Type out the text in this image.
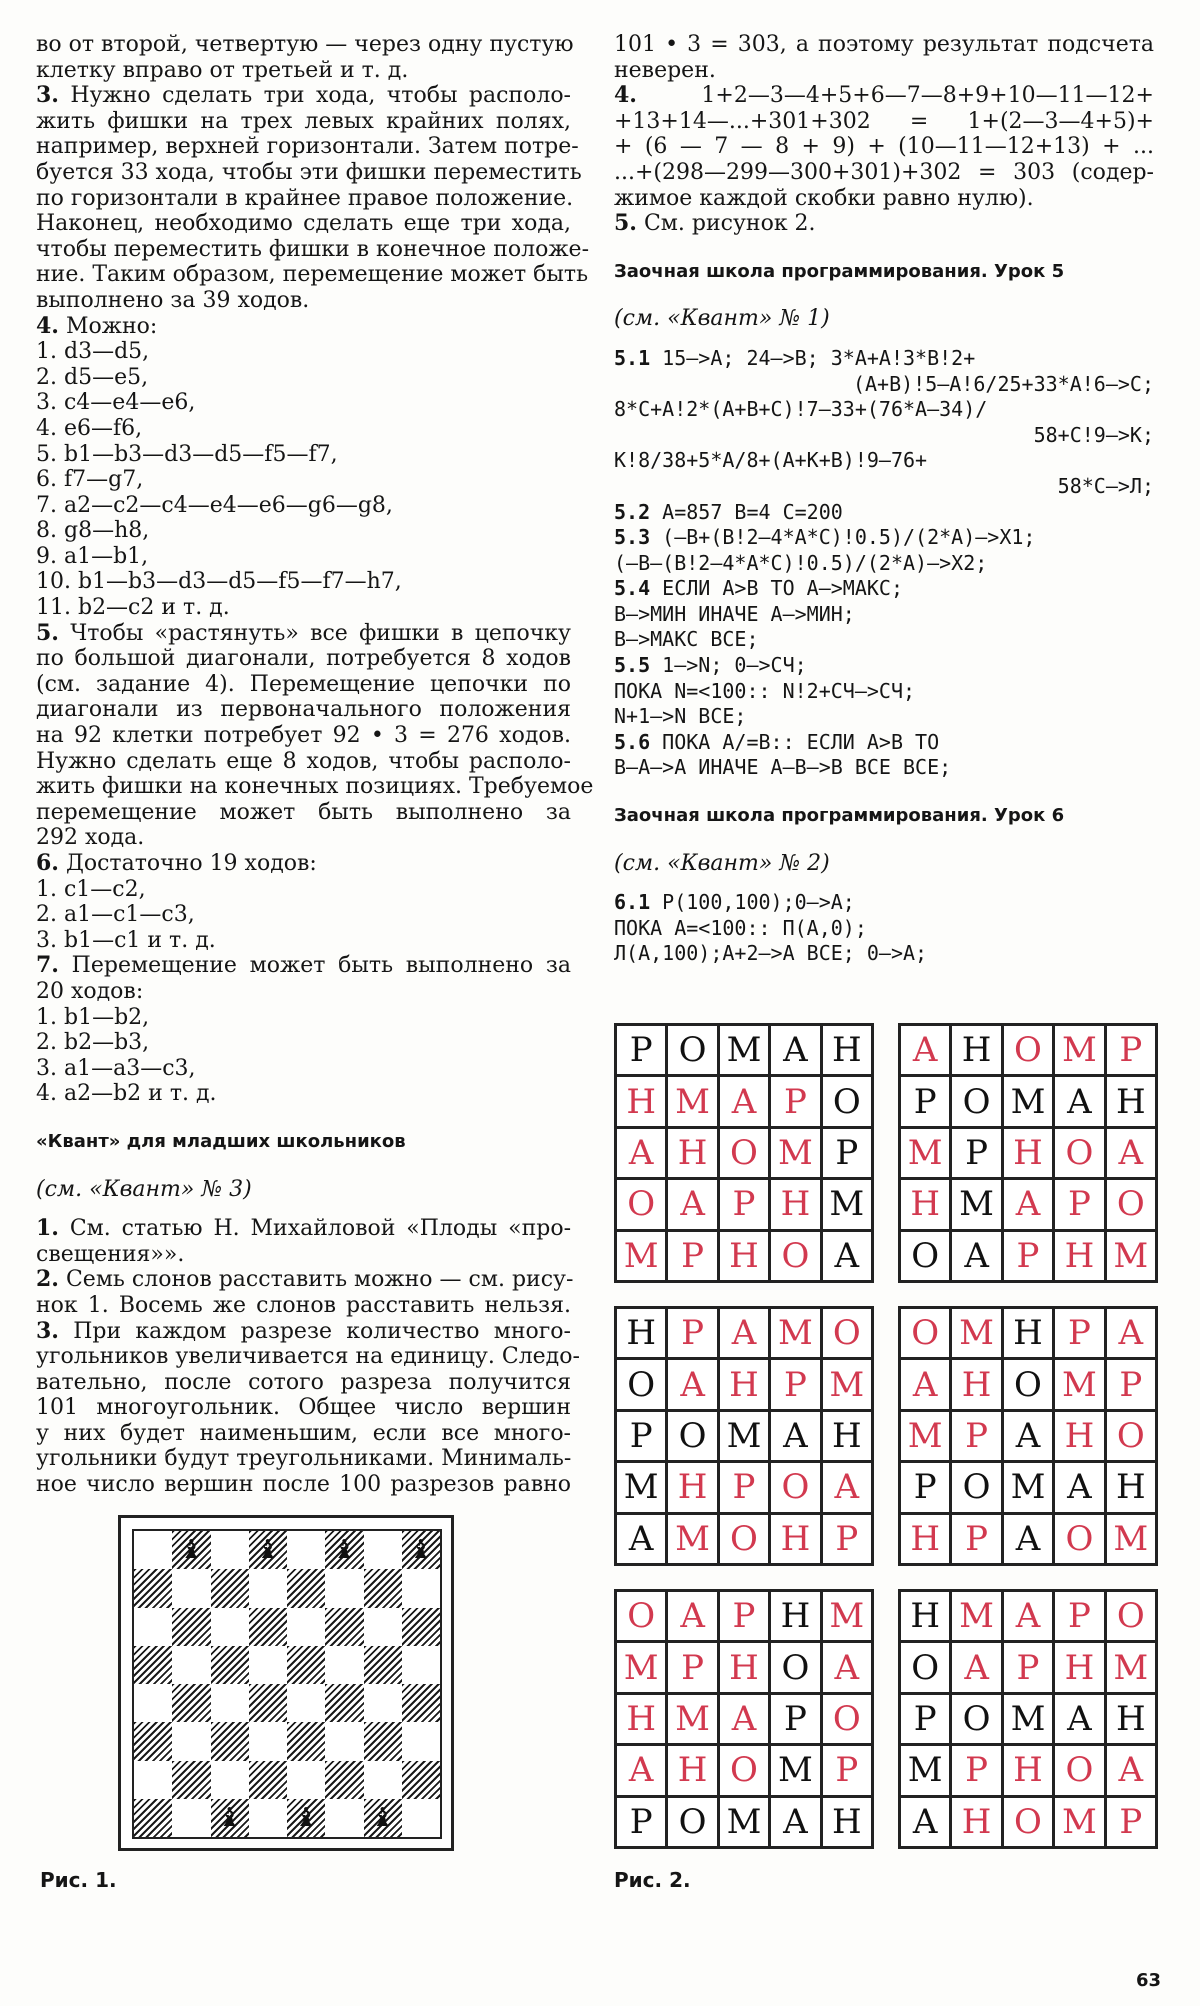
во от второй, четвертую — через одну пустую
клетку вправо от третьей и т. д.
3. Нужно сделать три хода, чтобы располо-
жить фишки на трех левых крайних полях,
например, верхней горизонтали. Затем потре-
буется 33 хода, чтобы эти фишки переместить
по горизонтали в крайнее правое положение.
Наконец, необходимо сделать еще три хода,
чтобы переместить фишки в конечное положе-
ние. Таким образом, перемещение может быть
выполнено за 39 ходов.
4. Можно:
1. d3—d5,
2. d5—e5,
3. c4—e4—e6,
4. e6—f6,
5. b1—b3—d3—d5—f5—f7,
6. f7—g7,
7. a2—c2—c4—e4—e6—g6—g8,
8. g8—h8,
9. a1—b1,
10. b1—b3—d3—d5—f5—f7—h7,
11. b2—c2 и т. д.
5. Чтобы «растянуть» все фишки в цепочку
по большой диагонали, потребуется 8 ходов
(см. задание 4). Перемещение цепочки по
диагонали из первоначального положения
на 92 клетки потребует 92 • 3 = 276 ходов.
Нужно сделать еще 8 ходов, чтобы располо-
жить фишки на конечных позициях. Требуемое
перемещение может быть выполнено за
292 хода.
6. Достаточно 19 ходов:
1. c1—c2,
2. a1—c1—c3,
3. b1—c1 и т. д.
7. Перемещение может быть выполнено за
20 ходов:
1. b1—b2,
2. b2—b3,
3. a1—a3—c3,
4. a2—b2 и т. д.
«Квант» для младших школьников
(см. «Квант» № 3)
1. См. статью Н. Михайловой «Плоды «про-
свещения»».
2. Семь слонов расставить можно — см. рису-
нок 1. Восемь же слонов расставить нельзя.
3. При каждом разрезе количество много-
угольников увеличивается на единицу. Следо-
вательно, после сотого разреза получится
101 многоугольник. Общее число вершин
у них будет наименьшим, если все много-
угольники будут треугольниками. Минималь-
ное число вершин после 100 разрезов равно
101 • 3 = 303, а поэтому результат подсчета
неверен.
4. 1+2—3—4+5+6—7—8+9+10—11—12+
+13+14—...+301+302 = 1+(2—3—4+5)+
+ (6 — 7 — 8 + 9) + (10—11—12+13) + ...
...+(298—299—300+301)+302 = 303 (содер-
жимое каждой скобки равно нулю).
5. См. рисунок 2.
Заочная школа программирования. Урок 5
(см. «Квант» № 1)
5.1 15—>A; 24—>B; 3*A+A!3*B!2+
(A+B)!5—A!6/25+33*A!6—>C;
8*C+A!2*(A+B+C)!7—33+(76*A—34)/
58+C!9—>K;
K!8/38+5*A/8+(A+K+B)!9—76+
58*C—>Л;
5.2 A=857 B=4 C=200
5.3 (—B+(B!2—4*A*C)!0.5)/(2*A)—>X1;
(—B—(B!2—4*A*C)!0.5)/(2*A)—>X2;
5.4 ЕСЛИ A>B ТО A—>МАКС;
B—>МИН ИНАЧЕ A—>МИН;
B—>МАКС ВСЕ;
5.5 1—>N; 0—>СЧ;
ПОКА N=<100:: N!2+СЧ—>СЧ;
N+1—>N ВСЕ;
5.6 ПОКА A/=B:: ЕСЛИ A>B ТО
B—A—>A ИНАЧЕ A—B—>B ВСЕ ВСЕ;
Заочная школа программирования. Урок 6
(см. «Квант» № 2)
6.1 P(100,100);0—>A;
ПОКА A=<100:: П(A,0);
Л(A,100);A+2—>A ВСЕ; 0—>A;
♝ ♝ ♝ ♝
♝ ♝ ♝
Рис. 1.
P O M A H
H M A P O
A H O M P
O A P H M
M P H O A
A H O M P
P O M A H
M P H O A
H M A P O
O A P H M
H P A M O
O A H P M
P O M A H
M H P O A
A M O H P
O M H P A
A H O M P
M P A H O
P O M A H
H P A O M
O A P H M
M P H O A
H M A P O
A H O M P
P O M A H
H M A P O
O A P H M
P O M A H
M P H O A
A H O M P
Рис. 2.
63
